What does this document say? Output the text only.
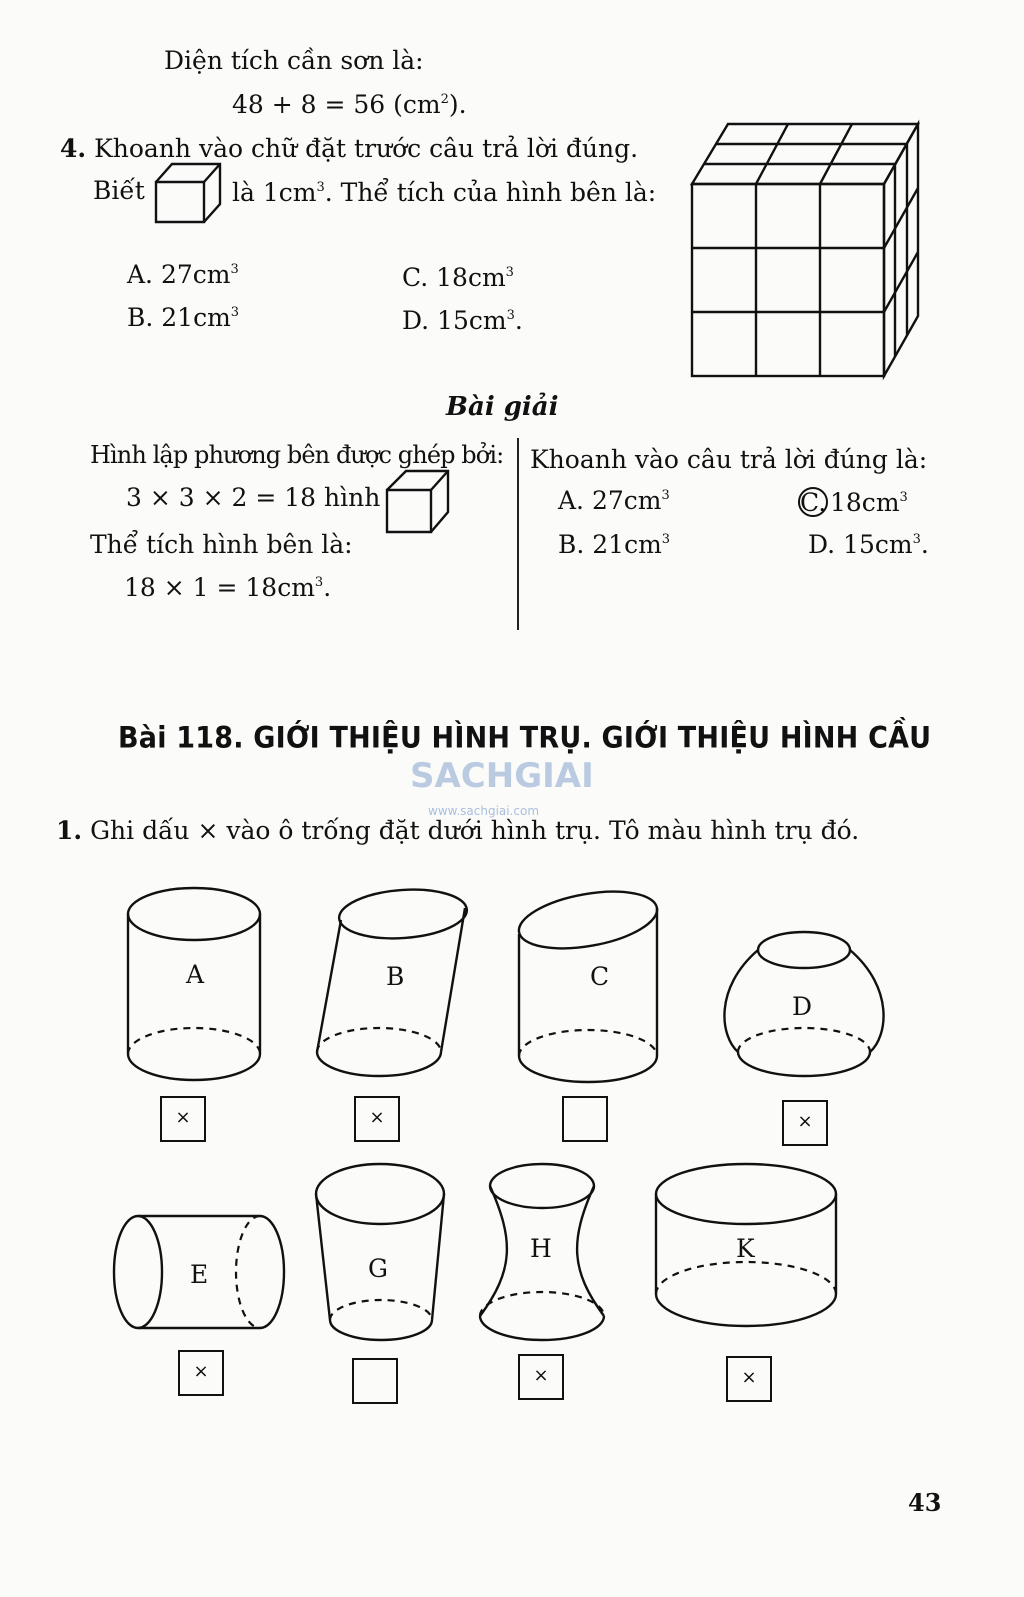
Diện tích cần sơn là:
48 + 8 = 56 $(cm^2)$.
4. Khoanh vào chữ đặt trước câu trả lời đúng.
Biết	là $1cm^3$. Thể tích của hình bên là:
A. $27cm^3$
B. $21cm^3$
C. $18cm^3$
D. $15cm^3$.
Bài giải
Hình lập phương bên được ghép bởi:
3 × 3 × 2 = 18 hình
Thể tích hình bên là:
$18 \times 1 = 18cm^3$.
Khoanh vào câu trả lời đúng là:
A. $27cm^3$
B. $21cm^3$
C. $18cm^3$
D. $15cm^3$.
Bài 118. GIỚI THIỆU HÌNH TRỤ. GIỚI THIỆU HÌNH CẦU
SACHGIAI
www.sachgiai.com
1. Ghi dấu × vào ô trống đặt dưới hình trụ. Tô màu hình trụ đó.
A
×
B
×
C
D
×
E
×
G
H
×
K
×
43
